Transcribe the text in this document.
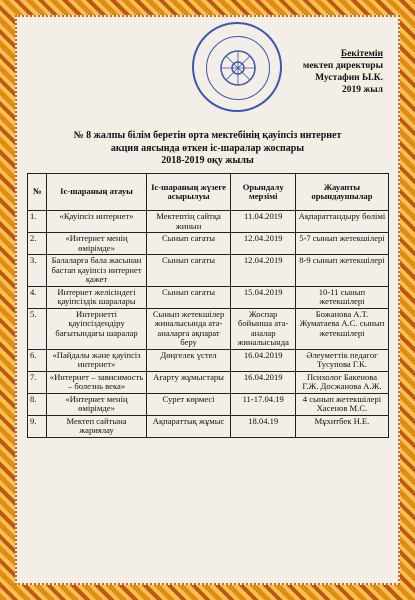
Бекітемін
мектеп директоры
Мустафин Ы.К.
2019 жыл
№ 8 жалпы білім беретін орта мектебінің қауіпсіз интернет
акция аясында өткен іс-шаралар жоспары
2018-2019 оқу жылы
№	Іс-шараның атауы	Іс-шараның жүзеге асырылуы	Орындалу мерзімі	Жауапты орындаушылар
1.	«Қауіпсіз интернет»	Мектептің сайтқа жинын	11.04.2019	Ақпараттандыру бөлімі
2.	«Интернет менің өмірімде»	Сынып сағаты	12.04.2019	5-7 сынып жетекшілері
3.	Балаларға бала жасынан бастап қауіпсіз интернет қажет	Сынып сағаты	12.04.2019	8-9 сынып жетекшілері
4.	Интернет желісіндегі қауіпсіздік шаралары	Сынып сағаты	15.04.2019	10-11 сынып жетекшілері
5.	Интернетті қауіпсіздендіру бағытындағы шаралар	Сынып жетекшілер жиналысында ата-аналарға ақпарат беру	Жоспар бойынша ата-аналар жиналысында	Божанова А.Т. Жуматаева А.С. сынып жетекшілері
6.	«Пайдалы және қауіпсіз интернет»	Дөңгелек үстел	16.04.2019	Әлеуметтік педагог Тусупова Г.К.
7.	«Интернет – зависимость – болезнь века»	Ағарту жұмыстары	16.04.2019	Психолог Бакенова Г.Ж. Досжанова А.Ж.
8.	«Интернет менің өмірімде»	Сурет көрмесі	11-17.04.19	4 сынып жетекшілері Хасенов М.С.
9.	Мектеп сайтына жариялау	Ақпараттық жұмыс	18.04.19	Мұхитбек Н.Е.
